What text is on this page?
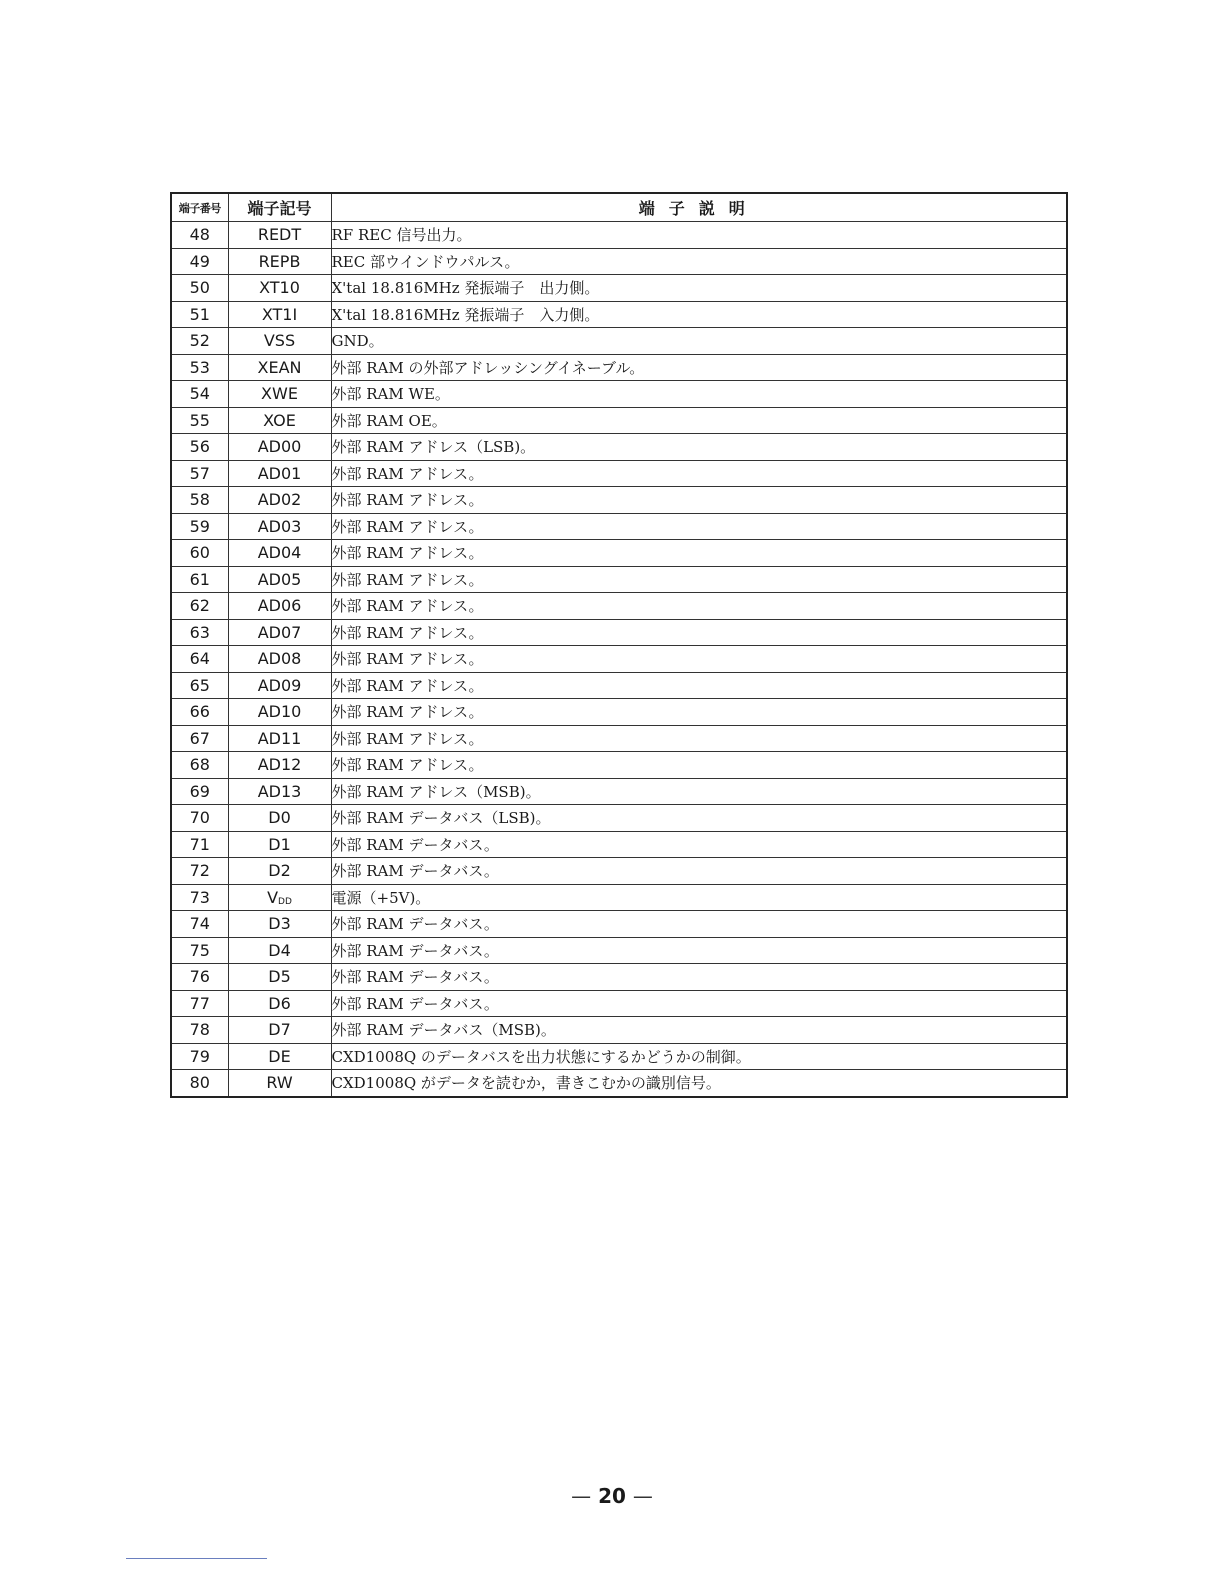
端子番号	端子記号	端子説明
48	REDT	RF REC 信号出力。
49	REPB	REC 部ウインドウパルス。
50	XT10	X'tal 18.816MHz 発振端子　出力側。
51	XT1I	X'tal 18.816MHz 発振端子　入力側。
52	VSS	GND。
53	XEAN	外部 RAM の外部アドレッシングイネーブル。
54	XWE	外部 RAM WE。
55	XOE	外部 RAM OE。
56	AD00	外部 RAM アドレス（LSB)。
57	AD01	外部 RAM アドレス。
58	AD02	外部 RAM アドレス。
59	AD03	外部 RAM アドレス。
60	AD04	外部 RAM アドレス。
61	AD05	外部 RAM アドレス。
62	AD06	外部 RAM アドレス。
63	AD07	外部 RAM アドレス。
64	AD08	外部 RAM アドレス。
65	AD09	外部 RAM アドレス。
66	AD10	外部 RAM アドレス。
67	AD11	外部 RAM アドレス。
68	AD12	外部 RAM アドレス。
69	AD13	外部 RAM アドレス（MSB)。
70	D0	外部 RAM データバス（LSB)。
71	D1	外部 RAM データバス。
72	D2	外部 RAM データバス。
73	$V_{DD}$	電源（+5V)。
74	D3	外部 RAM データバス。
75	D4	外部 RAM データバス。
76	D5	外部 RAM データバス。
77	D6	外部 RAM データバス。
78	D7	外部 RAM データバス（MSB)。
79	DE	CXD1008Q のデータバスを出力状態にするかどうかの制御。
80	RW	CXD1008Q がデータを読むか，書きこむかの識別信号。
— 20 —
